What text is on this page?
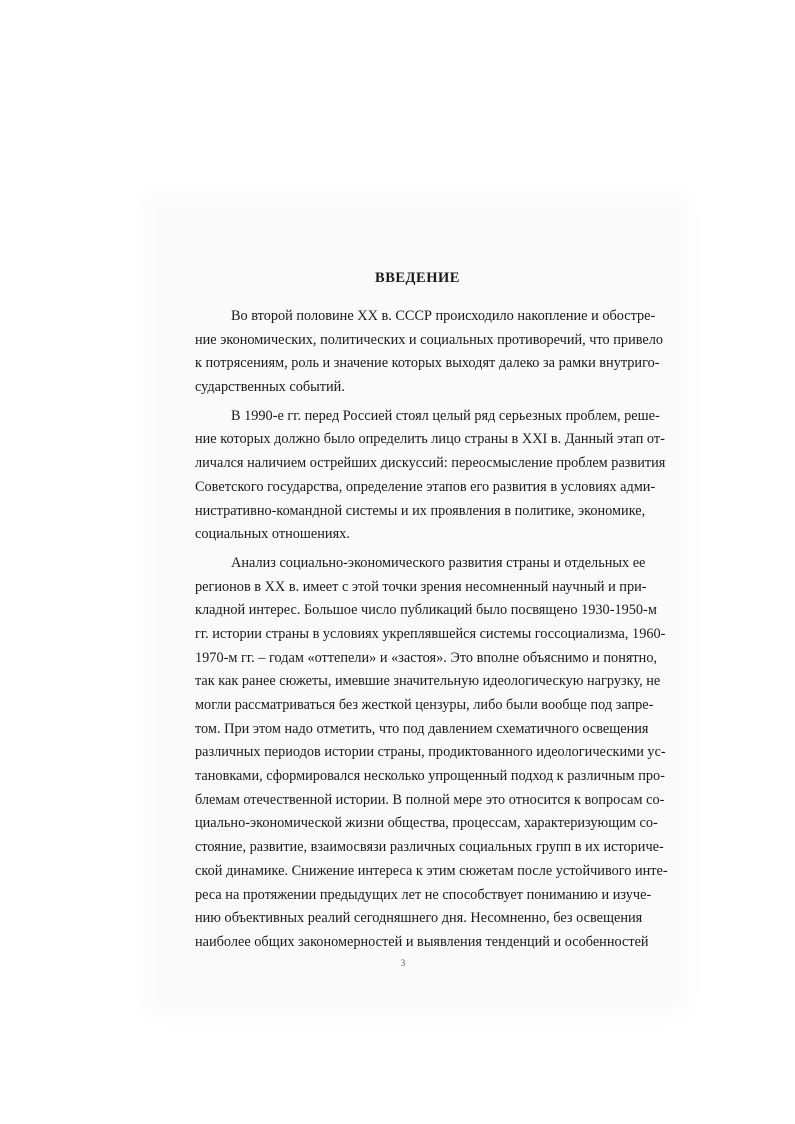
ВВЕДЕНИЕ

Во второй половине XX в. СССР происходило накопление и обостре-
ние экономических, политических и социальных противоречий, что привело
к потрясениям, роль и значение которых выходят далеко за рамки внутриго-
сударственных событий.

В 1990-е гг. перед Россией стоял целый ряд серьезных проблем, реше-
ние которых должно было определить лицо страны в XXI в. Данный этап от-
личался наличием острейших дискуссий: переосмысление проблем развития
Советского государства, определение этапов его развития в условиях адми-
нистративно-командной системы и их проявления в политике, экономике,
социальных отношениях.

Анализ социально-экономического развития страны и отдельных ее
регионов в XX в. имеет с этой точки зрения несомненный научный и при-
кладной интерес. Большое число публикаций было посвящено 1930-1950-м
гг. истории страны в условиях укреплявшейся системы госсоциализма, 1960-
1970-м гг. – годам «оттепели» и «застоя». Это вполне объяснимо и понятно,
так как ранее сюжеты, имевшие значительную идеологическую нагрузку, не
могли рассматриваться без жесткой цензуры, либо были вообще под запре-
том. При этом надо отметить, что под давлением схематичного освещения
различных периодов истории страны, продиктованного идеологическими ус-
тановками, сформировался несколько упрощенный подход к различным про-
блемам отечественной истории. В полной мере это относится к вопросам со-
циально-экономической жизни общества, процессам, характеризующим со-
стояние, развитие, взаимосвязи различных социальных групп в их историче-
ской динамике. Снижение интереса к этим сюжетам после устойчивого инте-
реса на протяжении предыдущих лет не способствует пониманию и изуче-
нию объективных реалий сегодняшнего дня. Несомненно, без освещения
наиболее общих закономерностей и выявления тенденций и особенностей

3
